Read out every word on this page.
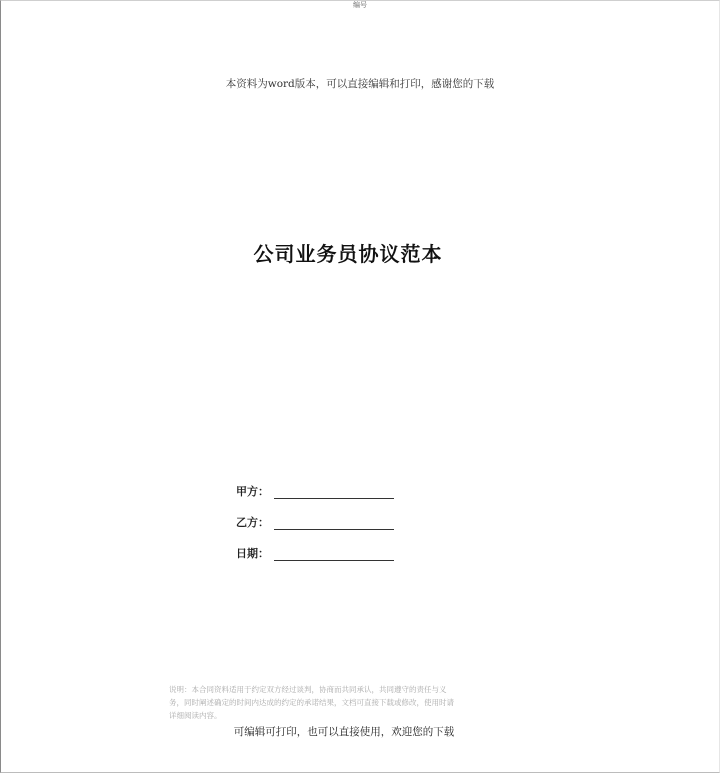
编号
本资料为word版本，可以直接编辑和打印，感谢您的下载
公司业务员协议范本
甲方：
乙方：
日期：
说明：本合同资料适用于约定双方经过谈判，协商而共同承认，共同遵守的责任与义务，同时阐述确定的时间内达成的约定的承诺结果，文档可直接下载或修改，使用时请详细阅读内容。
可编辑可打印，也可以直接使用，欢迎您的下载
